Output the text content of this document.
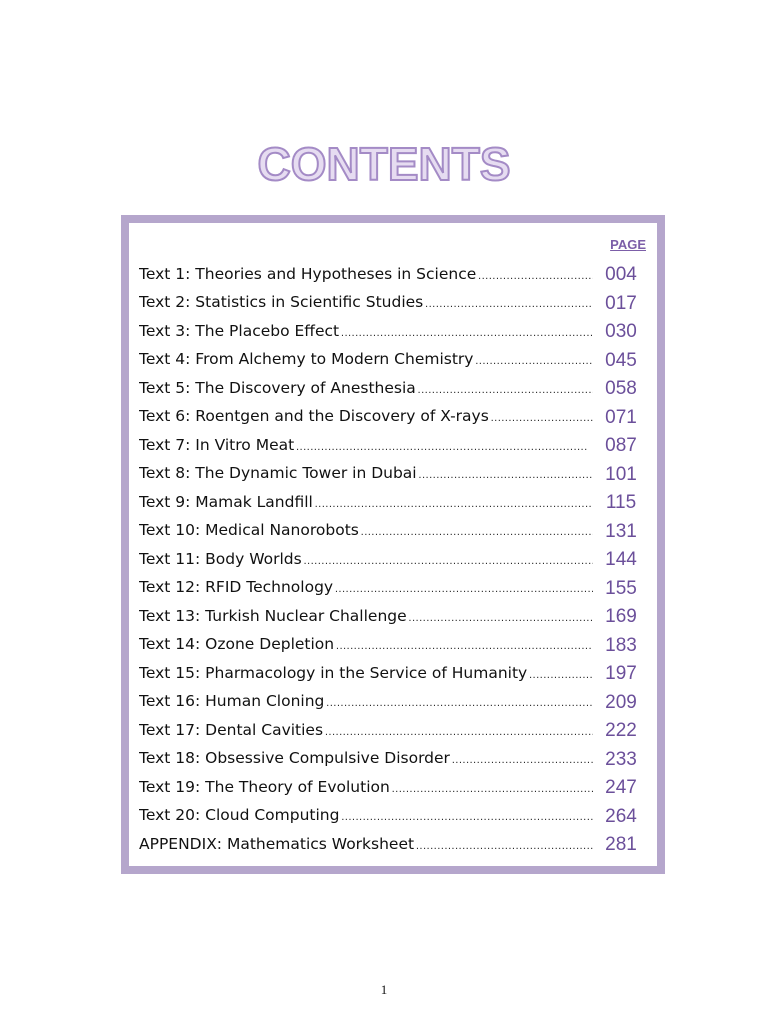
CONTENTS
PAGE
Text 1: Theories and Hypotheses in Science . . .	004
Text 2: Statistics in Scientific Studies . . .	017
Text 3: The Placebo Effect . . .	030
Text 4: From Alchemy to Modern Chemistry . . .	045
Text 5: The Discovery of Anesthesia . . .	058
Text 6: Roentgen and the Discovery of X-rays . . .	071
Text 7: In Vitro Meat . . .	087
Text 8: The Dynamic Tower in Dubai . . .	101
Text 9: Mamak Landfill . . .	115
Text 10: Medical Nanorobots . . .	131
Text 11: Body Worlds . . .	144
Text 12: RFID Technology . . .	155
Text 13: Turkish Nuclear Challenge . . .	169
Text 14: Ozone Depletion . . .	183
Text 15: Pharmacology in the Service of Humanity . . .	197
Text 16: Human Cloning . . .	209
Text 17: Dental Cavities . . .	222
Text 18: Obsessive Compulsive Disorder . . .	233
Text 19: The Theory of Evolution . . .	247
Text 20: Cloud Computing . . .	264
APPENDIX: Mathematics Worksheet . . .	281
1
